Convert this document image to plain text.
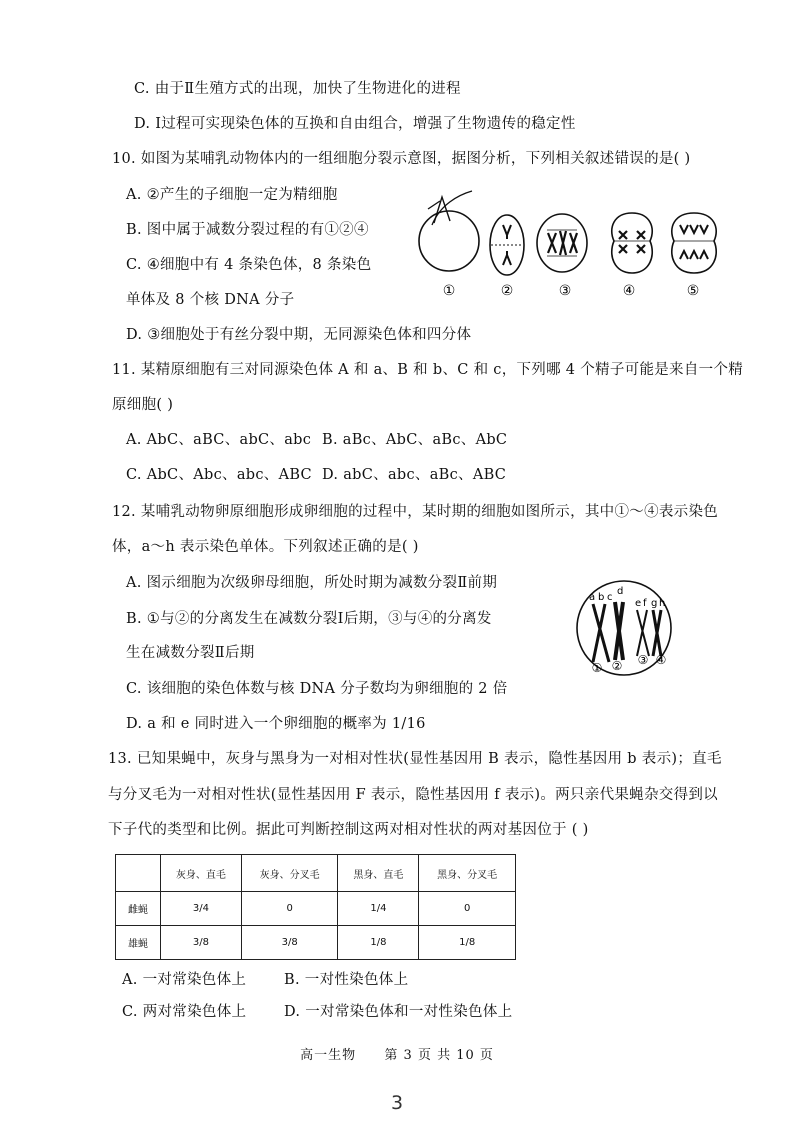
C. 由于Ⅱ生殖方式的出现，加快了生物进化的进程
D. Ⅰ过程可实现染色体的互换和自由组合，增强了生物遗传的稳定性
10. 如图为某哺乳动物体内的一组细胞分裂示意图，据图分析，下列相关叙述错误的是( )
A. ②产生的子细胞一定为精细胞
B. 图中属于减数分裂过程的有①②④
C. ④细胞中有 4 条染色体，8 条染色
单体及 8 个核 DNA 分子
D. ③细胞处于有丝分裂中期，无同源染色体和四分体
①	②	③	④	⑤
11. 某精原细胞有三对同源染色体 A 和 a、B 和 b、C 和 c，下列哪 4 个精子可能是来自一个精
原细胞( )
A. AbC、aBC、abC、abc B. aBc、AbC、aBc、AbC
C. AbC、Abc、abc、ABC D. abC、abc、aBc、ABC
12. 某哺乳动物卵原细胞形成卵细胞的过程中，某时期的细胞如图所示，其中①～④表示染色
体，a～h 表示染色单体。下列叙述正确的是( )
A. 图示细胞为次级卵母细胞，所处时期为减数分裂Ⅱ前期
B. ①与②的分离发生在减数分裂Ⅰ后期，③与④的分离发
生在减数分裂Ⅱ后期
C. 该细胞的染色体数与核 DNA 分子数均为卵细胞的 2 倍
D. a 和 e 同时进入一个卵细胞的概率为 1/16
a b c
d
e f g h
① ② ③ ④
13. 已知果蝇中，灰身与黑身为一对相对性状(显性基因用 B 表示，隐性基因用 b 表示)；直毛
与分叉毛为一对相对性状(显性基因用 F 表示，隐性基因用 f 表示)。两只亲代果蝇杂交得到以
下子代的类型和比例。据此可判断控制这两对相对性状的两对基因位于 ( )
	灰身、直毛	灰身、分叉毛	黑身、直毛	黑身、分叉毛
雌蝇	3/4	0	1/4	0
雄蝇	3/8	3/8	1/8	1/8
A. 一对常染色体上	B. 一对性染色体上
C. 两对常染色体上	D. 一对常染色体和一对性染色体上
高一生物 第 3 页 共 10 页
3
